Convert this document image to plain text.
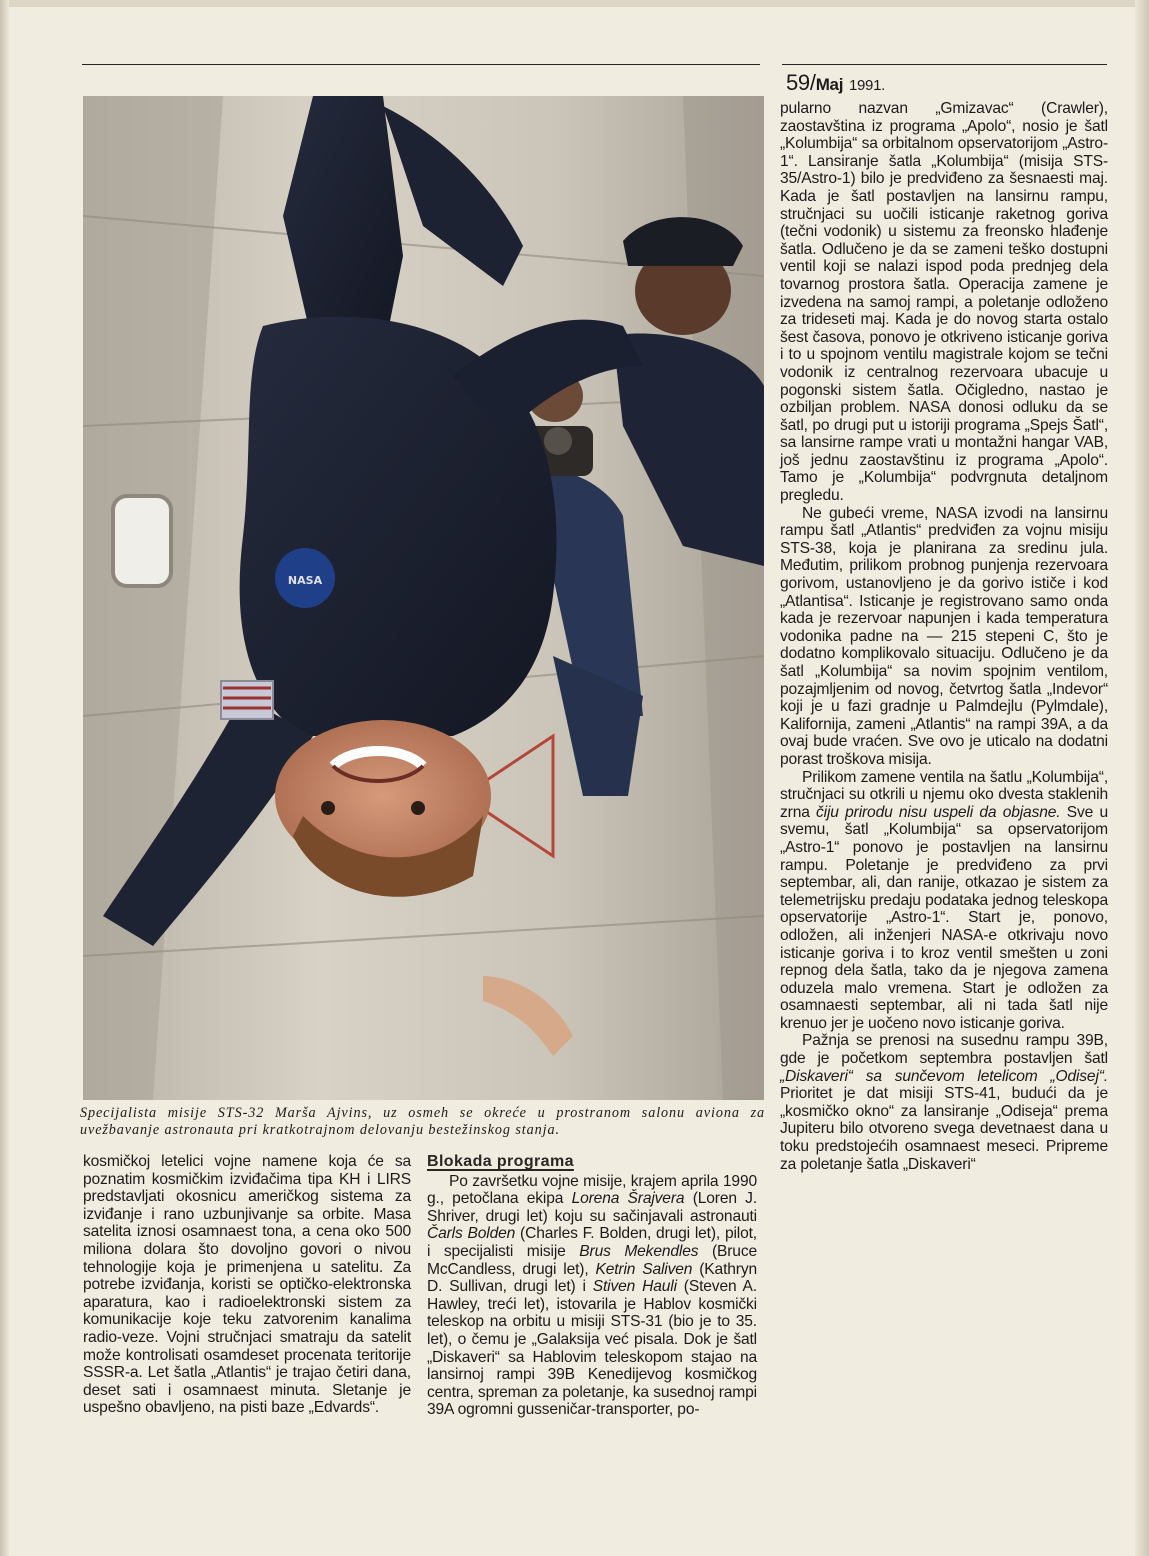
59/Maj 1991.
NASA
Specijalista misije STS-32 Marša Ajvins, uz osmeh se okreće u prostranom salonu aviona za uvežbavanje astronauta pri kratkotrajnom delovanju bestežinskog stanja.

kosmičkoj letelici vojne namene koja će sa poznatim kosmičkim izviđačima tipa KH i LIRS predstavljati okosnicu američkog sistema za izviđanje i rano uzbunjivanje sa orbite. Masa satelita iznosi osamnaest tona, a cena oko 500 miliona dolara što dovoljno govori o nivou tehnologije koja je primenjena u satelitu. Za potrebe izviđanja, koristi se optičko-elektronska aparatura, kao i radioelektronski sistem za komunikacije koje teku zatvorenim kanalima radio-veze. Vojni stručnjaci smatraju da satelit može kontrolisati osamdeset procenata teritorije SSSR-a. Let šatla „Atlantis“ je trajao četiri dana, deset sati i osamnaest minuta. Sletanje je uspešno obavljeno, na pisti baze „Edvards“.

Blokada programa

Po završetku vojne misije, krajem aprila 1990 g., petočlana ekipa Lorena Šrajvera (Loren J. Shriver, drugi let) koju su sačinjavali astronauti Čarls Bolden (Charles F. Bolden, drugi let), pilot, i specijalisti misije Brus Mekendles (Bruce McCandless, drugi let), Ketrin Saliven (Kathryn D. Sullivan, drugi let) i Stiven Hauli (Steven A. Hawley, treći let), istovarila je Hablov kosmički teleskop na orbitu u misiji STS-31 (bio je to 35. let), o čemu je „Galaksija već pisala. Dok je šatl „Diskaveri“ sa Hablovim teleskopom stajao na lansirnoj rampi 39B Kenedijevog kosmičkog centra, spreman za poletanje, ka susednoj rampi 39A ogromni gusseničar-transporter, po-

pularno nazvan „Gmizavac“ (Crawler), zaostavština iz programa „Apolo“, nosio je šatl „Kolumbija“ sa orbitalnom opservatorijom „Astro-1“. Lansiranje šatla „Kolumbija“ (misija STS-35/Astro-1) bilo je predviđeno za šesnaesti maj. Kada je šatl postavljen na lansirnu rampu, stručnjaci su uočili isticanje raketnog goriva (tečni vodonik) u sistemu za freonsko hlađenje šatla. Odlučeno je da se zameni teško dostupni ventil koji se nalazi ispod poda prednjeg dela tovarnog prostora šatla. Operacija zamene je izvedena na samoj rampi, a poletanje odloženo za trideseti maj. Kada je do novog starta ostalo šest časova, ponovo je otkriveno isticanje goriva i to u spojnom ventilu magistrale kojom se tečni vodonik iz centralnog rezervoara ubacuje u pogonski sistem šatla. Očigledno, nastao je ozbiljan problem. NASA donosi odluku da se šatl, po drugi put u istoriji programa „Spejs Šatl“, sa lansirne rampe vrati u montažni hangar VAB, još jednu zaostavštinu iz programa „Apolo“. Tamo je „Kolumbija“ podvrgnuta detaljnom pregledu.

Ne gubeći vreme, NASA izvodi na lansirnu rampu šatl „Atlantis“ predviđen za vojnu misiju STS-38, koja je planirana za sredinu jula. Međutim, prilikom probnog punjenja rezervoara gorivom, ustanovljeno je da gorivo ističe i kod „Atlantisa“. Isticanje je registrovano samo onda kada je rezervoar napunjen i kada temperatura vodonika padne na — 215 stepeni C, što je dodatno komplikovalo situaciju. Odlučeno je da šatl „Kolumbija“ sa novim spojnim ventilom, pozajmljenim od novog, četvrtog šatla „Indevor“ koji je u fazi gradnje u Palmdejlu (Pylmdale), Kalifornija, zameni „Atlantis“ na rampi 39A, a da ovaj bude vraćen. Sve ovo je uticalo na dodatni porast troškova misija.

Prilikom zamene ventila na šatlu „Kolumbija“, stručnjaci su otkrili u njemu oko dvesta staklenih zrna čiju prirodu nisu uspeli da objasne. Sve u svemu, šatl „Kolumbija“ sa opservatorijom „Astro-1“ ponovo je postavljen na lansirnu rampu. Poletanje je predviđeno za prvi septembar, ali, dan ranije, otkazao je sistem za telemetrijsku predaju podataka jednog teleskopa opservatorije „Astro-1“. Start je, ponovo, odložen, ali inženjeri NASA-e otkrivaju novo isticanje goriva i to kroz ventil smešten u zoni repnog dela šatla, tako da je njegova zamena oduzela malo vremena. Start je odložen za osamnaesti septembar, ali ni tada šatl nije krenuo jer je uočeno novo isticanje goriva.

Pažnja se prenosi na susednu rampu 39B, gde je početkom septembra postavljen šatl „Diskaveri“ sa sunčevom letelicom „Odisej“. Prioritet je dat misiji STS-41, budući da je „kosmičko okno“ za lansiranje „Odiseja“ prema Jupiteru bilo otvoreno svega devetnaest dana u toku predstojećih osamnaest meseci. Pripreme za poletanje šatla „Diskaveri“
